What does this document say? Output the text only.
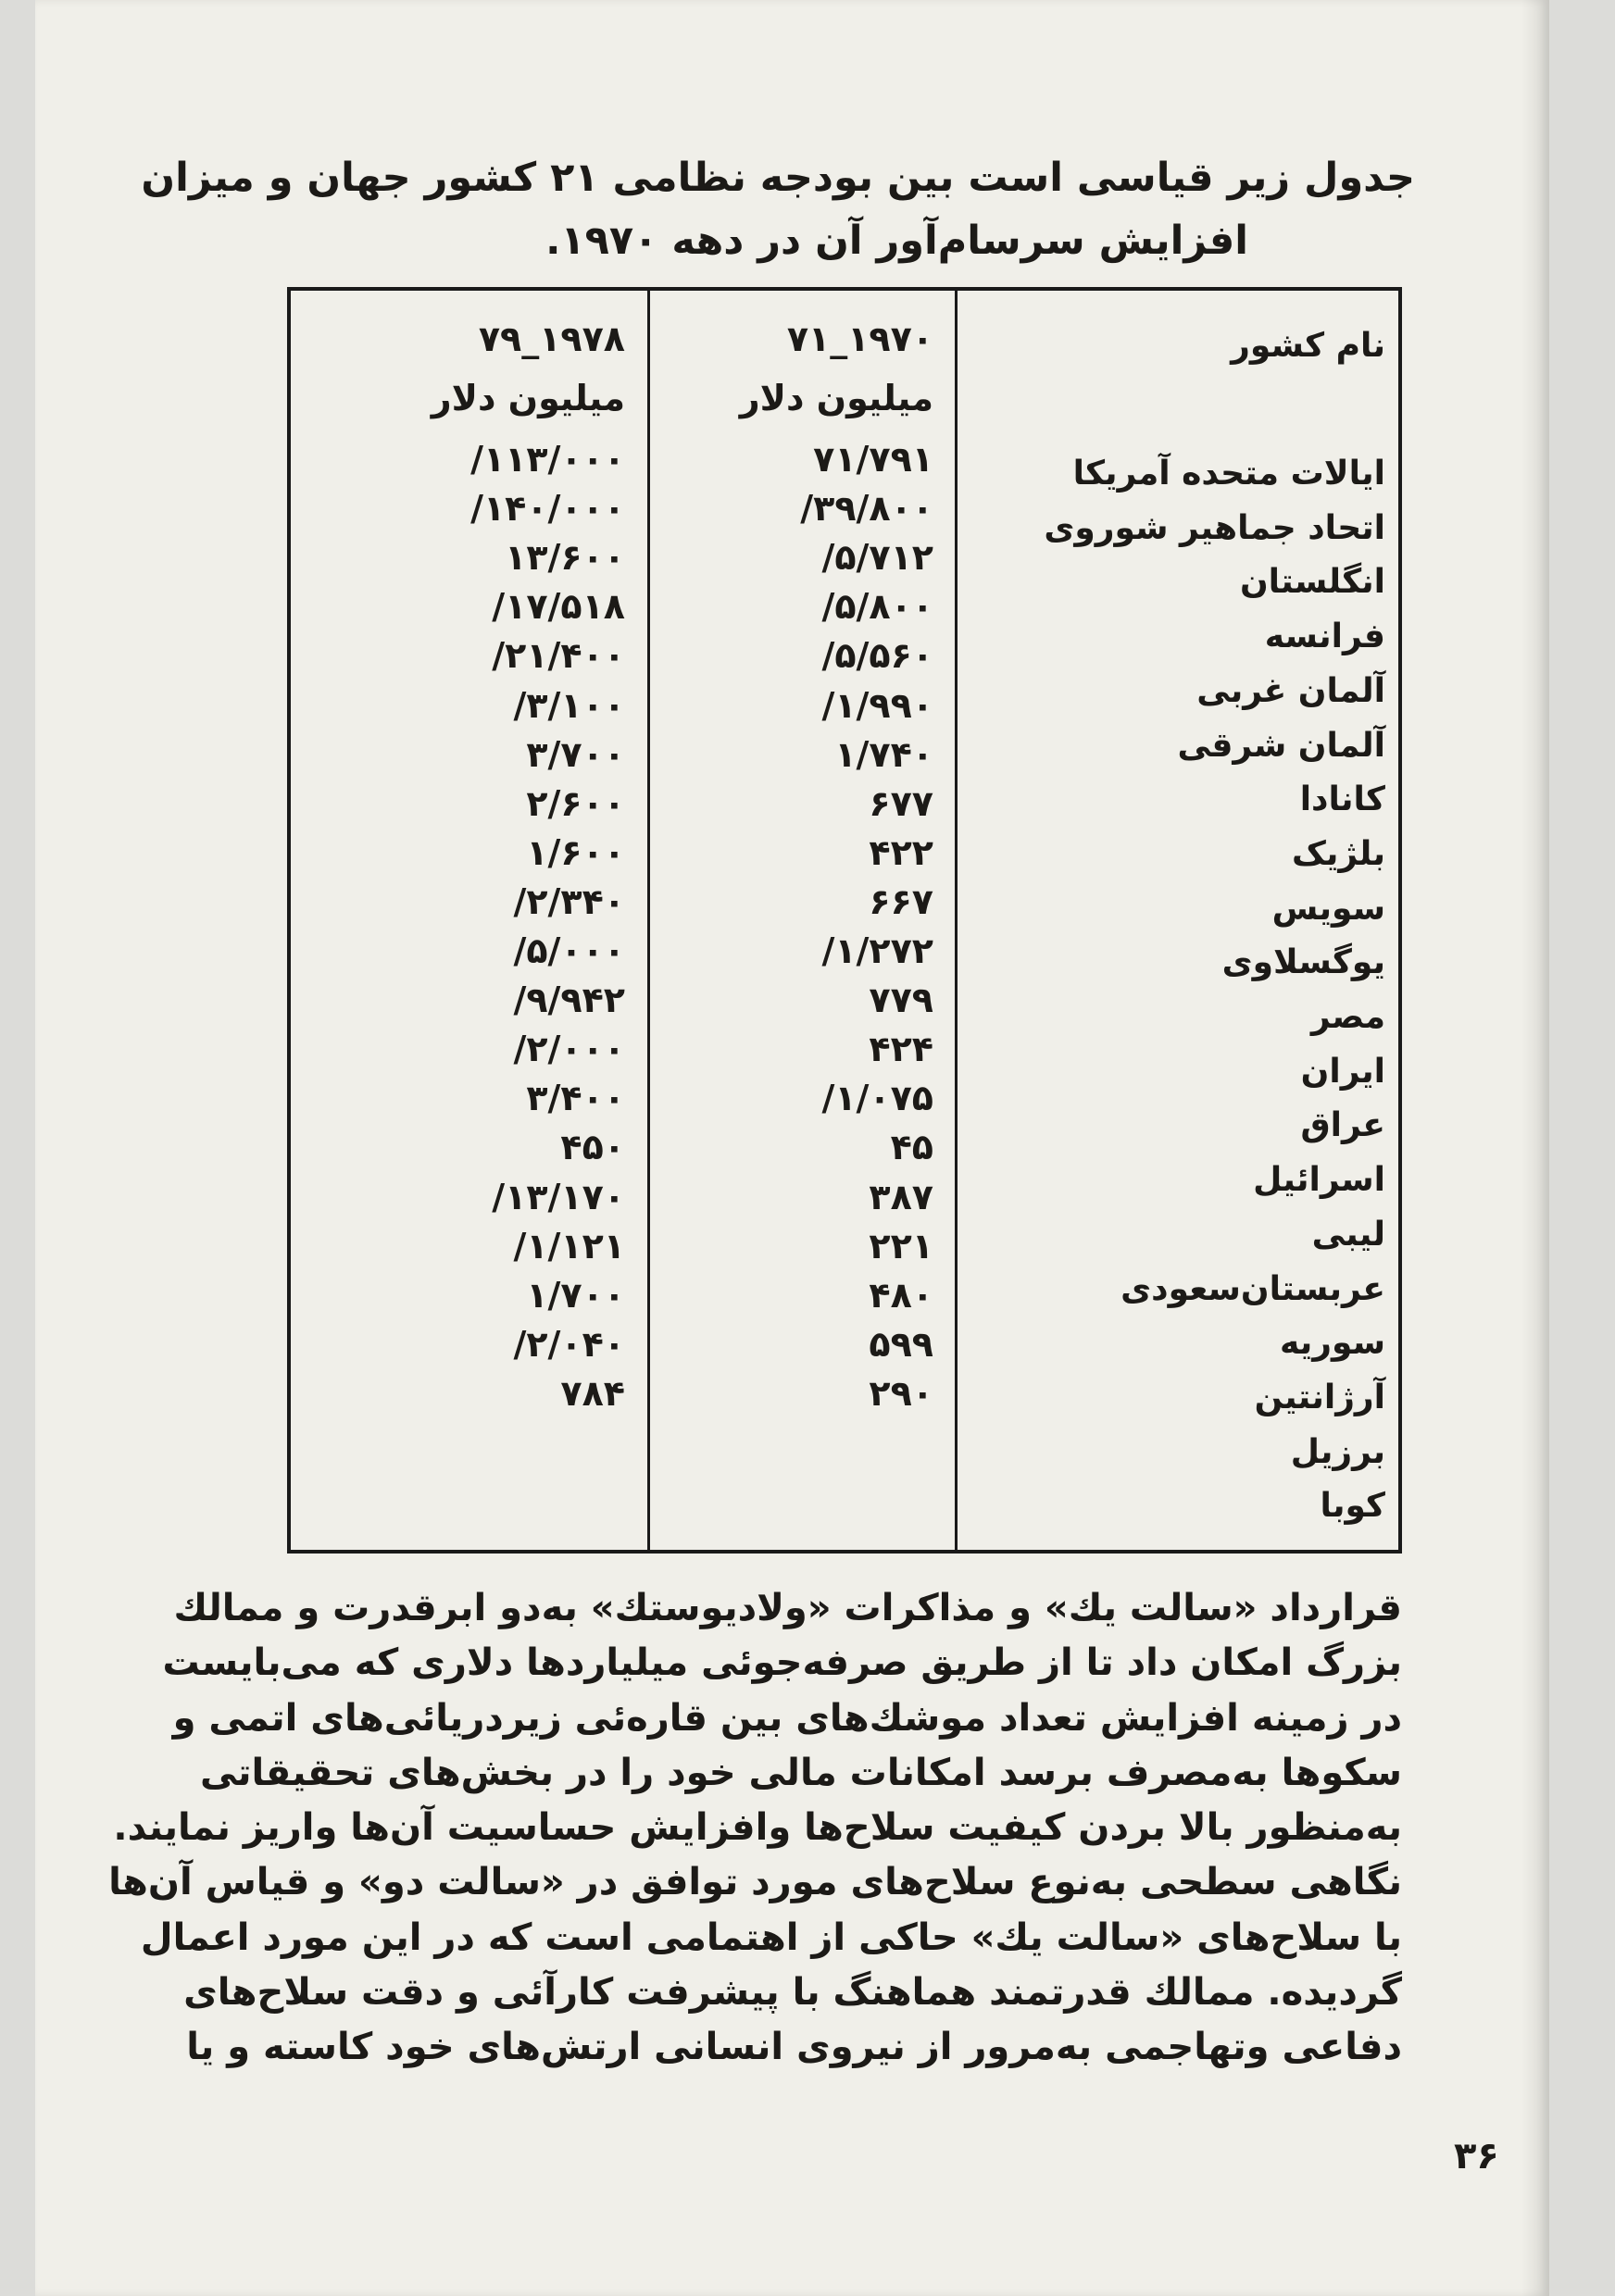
جدول زیر قیاسی است بین بودجه نظامی ۲۱ کشور جهان و میزان
افزایش سرسام‌آور آن در دهه ۱۹۷۰.
نام کشور
۱۹۷۰_۷۱
۱۹۷۸_۷۹
میلیون دلار
میلیون دلار
ایالات متحده آمریکا
۷۱/۷۹۱
۱۱۳/۰۰۰/
اتحاد جماهیر شوروی
۳۹/۸۰۰/
۱۴۰/۰۰۰/
انگلستان
۵/۷۱۲/
۱۳/۶۰۰
فرانسه
۵/۸۰۰/
۱۷/۵۱۸/
آلمان غربی
۵/۵۶۰/
۲۱/۴۰۰/
آلمان شرقی
۱/۹۹۰/
۳/۱۰۰/
کانادا
۱/۷۴۰
۳/۷۰۰
بلژیک
۶۷۷
۲/۶۰۰
سویس
۴۲۲
۱/۶۰۰
یوگسلاوی
۶۶۷
۲/۳۴۰/
مصر
۱/۲۷۲/
۵/۰۰۰/
ایران
۷۷۹
۹/۹۴۲/
عراق
۴۲۴
۲/۰۰۰/
اسرائیل
۱/۰۷۵/
۳/۴۰۰
لیبی
۴۵
۴۵۰
عربستان‌سعودی
۳۸۷
۱۳/۱۷۰/
سوریه
۲۲۱
۱/۱۲۱/
آرژانتین
۴۸۰
۱/۷۰۰
برزیل
۵۹۹
۲/۰۴۰/
کوبا
۲۹۰
۷۸۴
قرارداد «سالت یك» و مذاکرات «ولادیوستك» به‌دو ابرقدرت و ممالك
بزرگ امکان داد تا از طریق صرفه‌جوئی میلیاردها دلاری که می‌بایست
در زمینه افزایش تعداد موشك‌های بین قاره‌ئی زیردریائی‌های اتمی و
سکوها به‌مصرف برسد امکانات مالی خود را در بخش‌های تحقیقاتی
به‌منظور بالا بردن کیفیت سلاح‌ها وافزایش حساسیت آن‌ها واریز نمایند.
نگاهی سطحی به‌نوع سلاح‌های مورد توافق در «سالت دو» و قیاس آن‌ها
با سلاح‌های «سالت یك» حاکی از اهتمامی است که در این مورد اعمال
گردیده. ممالك قدرتمند هماهنگ با پیشرفت کارآئی و دقت سلاح‌های
دفاعی وتهاجمی به‌مرور از نیروی انسانی ارتش‌های خود کاسته و یا
۳۶
